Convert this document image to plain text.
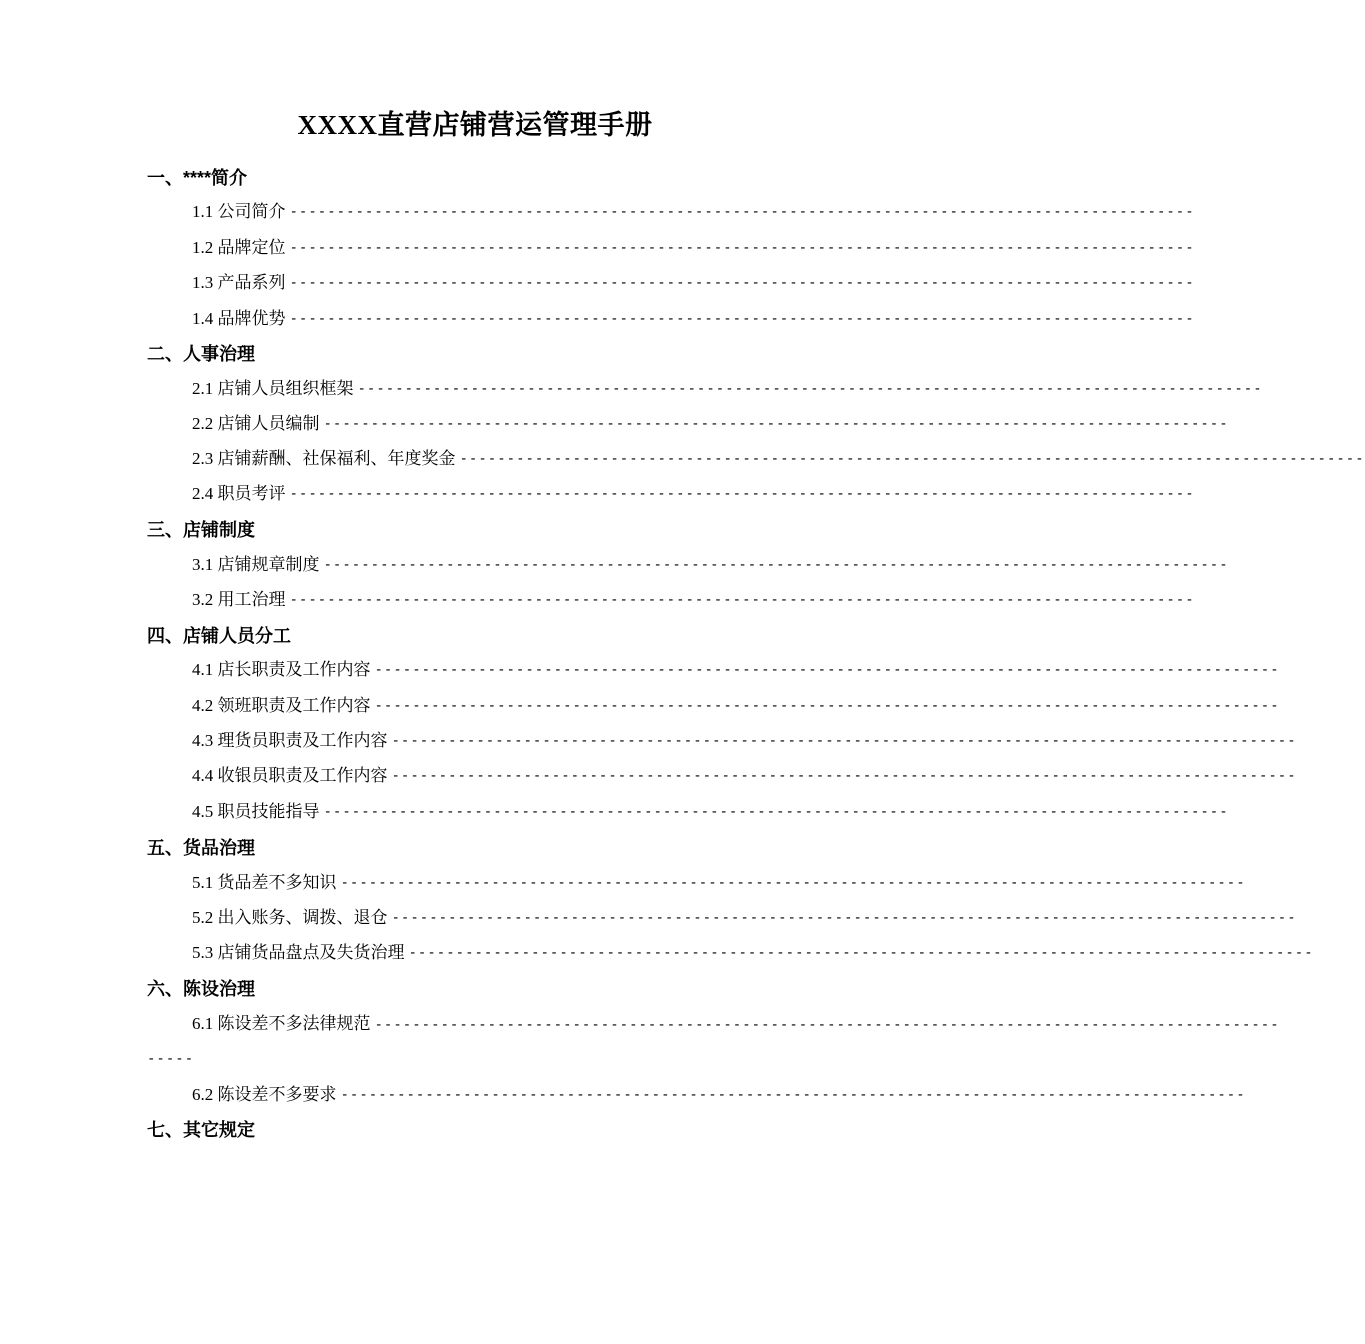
XXXX直营店铺营运管理手册
一、****简介
1.1 公司简介 ------------------------------------------------------------------------------------------------
1.2 品牌定位 ------------------------------------------------------------------------------------------------
1.3 产品系列 ------------------------------------------------------------------------------------------------
1.4 品牌优势 ------------------------------------------------------------------------------------------------
二、人事治理
2.1 店铺人员组织框架 ------------------------------------------------------------------------------------------------
2.2 店铺人员编制 ------------------------------------------------------------------------------------------------
2.3 店铺薪酬、社保福利、年度奖金 ------------------------------------------------------------------------------------------------
2.4 职员考评 ------------------------------------------------------------------------------------------------
三、店铺制度
3.1 店铺规章制度 ------------------------------------------------------------------------------------------------
3.2 用工治理 ------------------------------------------------------------------------------------------------
四、店铺人员分工
4.1 店长职责及工作内容 ------------------------------------------------------------------------------------------------
4.2 领班职责及工作内容 ------------------------------------------------------------------------------------------------
4.3 理货员职责及工作内容 ------------------------------------------------------------------------------------------------
4.4 收银员职责及工作内容 ------------------------------------------------------------------------------------------------
4.5 职员技能指导 ------------------------------------------------------------------------------------------------
五、货品治理
5.1 货品差不多知识 ------------------------------------------------------------------------------------------------
5.2 出入账务、调拨、退仓 ------------------------------------------------------------------------------------------------
5.3 店铺货品盘点及失货治理 ------------------------------------------------------------------------------------------------
六、陈设治理
6.1 陈设差不多法律规范 ------------------------------------------------------------------------------------------------
-----
6.2 陈设差不多要求 ------------------------------------------------------------------------------------------------
七、其它规定
